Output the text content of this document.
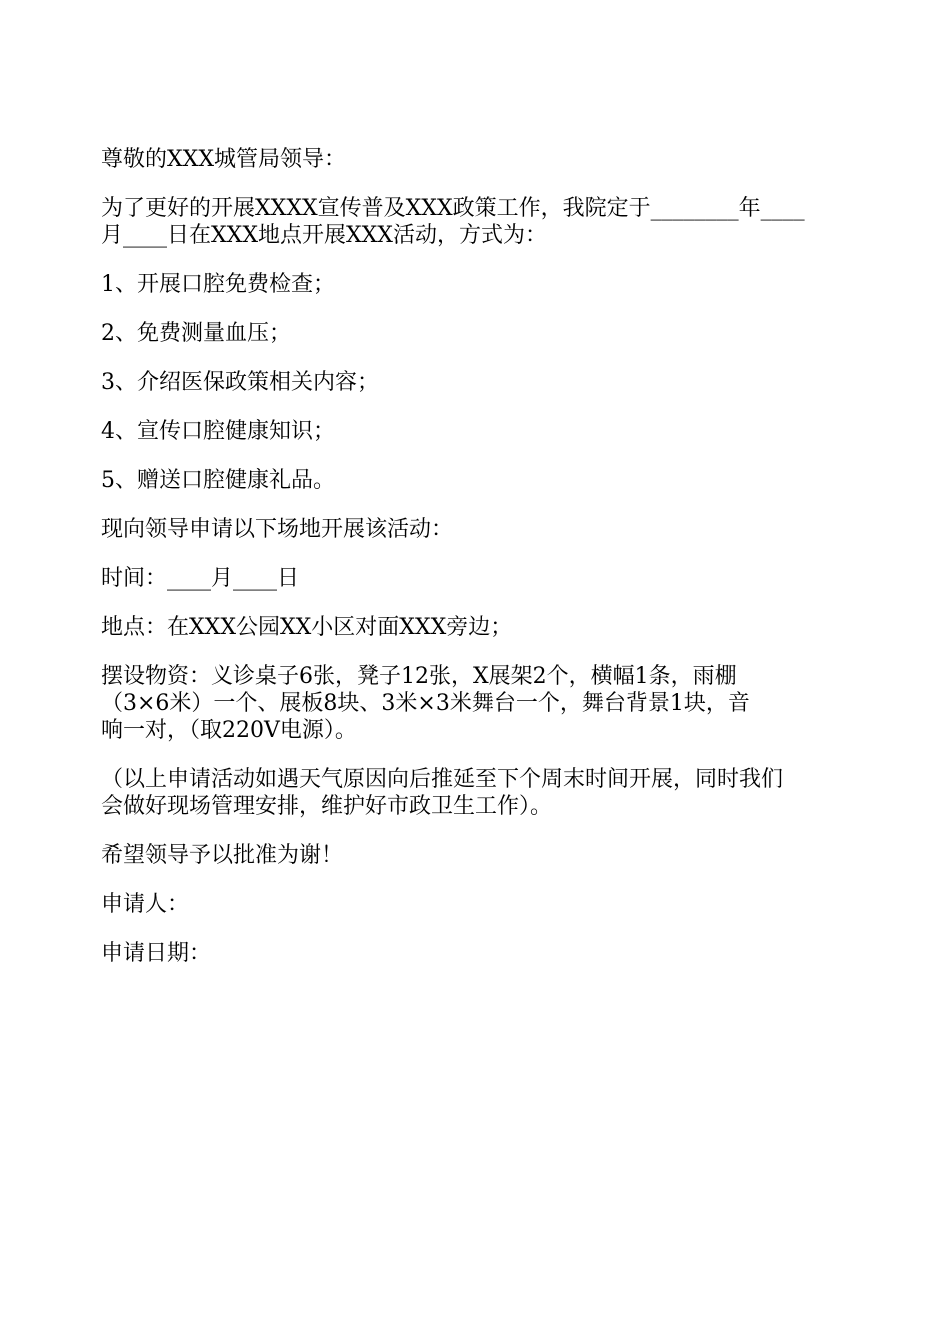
尊敬的XXX城管局领导：

为了更好的开展XXXX宣传普及XXX政策工作，我院定于________年____
月____日在XXX地点开展XXX活动，方式为：

1、开展口腔免费检查；

2、免费测量血压；

3、介绍医保政策相关内容；

4、宣传口腔健康知识；

5、赠送口腔健康礼品。

现向领导申请以下场地开展该活动：

时间：____月____日

地点：在XXX公园XX小区对面XXX旁边；

摆设物资：义诊桌子6张，凳子12张，X展架2个，横幅1条，雨棚
（3×6米）一个、展板8块、3米×3米舞台一个，舞台背景1块，音
响一对，（取220V电源）。

（以上申请活动如遇天气原因向后推延至下个周末时间开展，同时我们
会做好现场管理安排，维护好市政卫生工作）。

希望领导予以批准为谢！

申请人：

申请日期：
